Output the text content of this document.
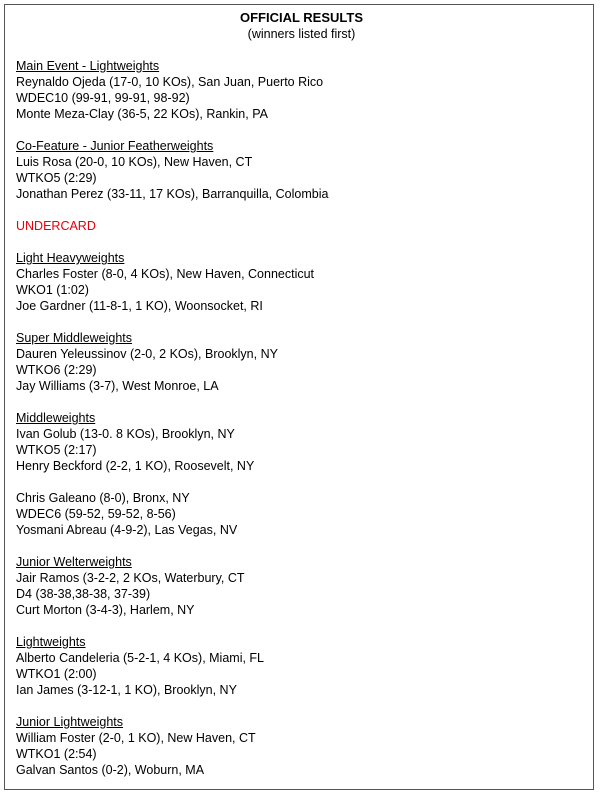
OFFICIAL RESULTS
(winners listed first)
Main Event - Lightweights
Reynaldo Ojeda (17-0, 10 KOs), San Juan, Puerto Rico
WDEC10 (99-91, 99-91, 98-92)
Monte Meza-Clay (36-5, 22 KOs), Rankin, PA
Co-Feature - Junior Featherweights
Luis Rosa (20-0, 10 KOs), New Haven, CT
WTKO5 (2:29)
Jonathan Perez (33-11, 17 KOs), Barranquilla, Colombia
UNDERCARD
Light Heavyweights
Charles Foster (8-0, 4 KOs), New Haven, Connecticut
WKO1 (1:02)
Joe Gardner (11-8-1, 1 KO), Woonsocket, RI
Super Middleweights
Dauren Yeleussinov (2-0, 2 KOs), Brooklyn, NY
WTKO6 (2:29)
Jay Williams (3-7), West Monroe, LA
Middleweights
Ivan Golub (13-0. 8 KOs), Brooklyn, NY
WTKO5 (2:17)
Henry Beckford (2-2, 1 KO), Roosevelt, NY
Chris Galeano (8-0), Bronx, NY
WDEC6 (59-52, 59-52, 8-56)
Yosmani Abreau (4-9-2), Las Vegas, NV
Junior Welterweights
Jair Ramos (3-2-2, 2 KOs, Waterbury, CT
D4 (38-38,38-38, 37-39)
Curt Morton (3-4-3), Harlem, NY
Lightweights
Alberto Candeleria (5-2-1, 4 KOs), Miami, FL
WTKO1 (2:00)
Ian James (3-12-1, 1 KO), Brooklyn, NY
Junior Lightweights
William Foster (2-0, 1 KO), New Haven, CT
WTKO1 (2:54)
Galvan Santos (0-2), Woburn, MA
